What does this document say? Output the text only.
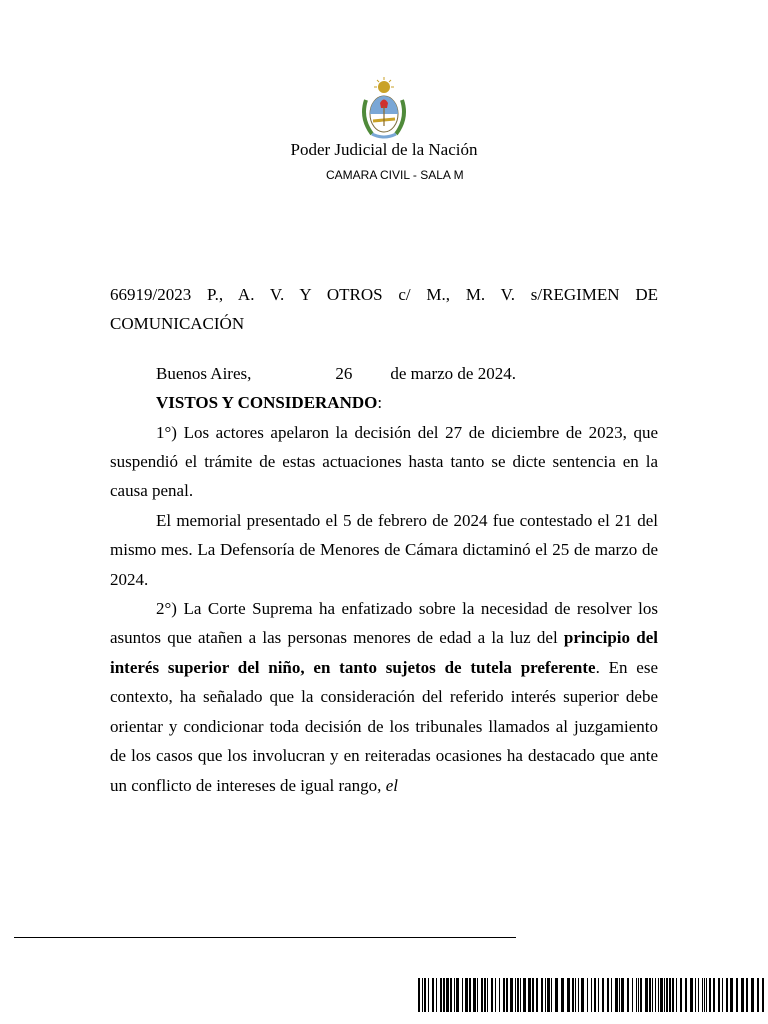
Poder Judicial de la Nación
CAMARA CIVIL - SALA M

66919/2023 P., A. V. Y OTROS c/ M., M. V. s/REGIMEN DE COMUNICACIÓN

Buenos Aires,	26 de marzo de 2024.

VISTOS Y CONSIDERANDO:

1°) Los actores apelaron la decisión del 27 de diciembre de 2023, que suspendió el trámite de estas actuaciones hasta tanto se dicte sentencia en la causa penal.

El memorial presentado el 5 de febrero de 2024 fue contestado el 21 del mismo mes. La Defensoría de Menores de Cámara dictaminó el 25 de marzo de 2024.

2°) La Corte Suprema ha enfatizado sobre la necesidad de resolver los asuntos que atañen a las personas menores de edad a la luz del principio del interés superior del niño, en tanto sujetos de tutela preferente. En ese contexto, ha señalado que la consideración del referido interés superior debe orientar y condicionar toda decisión de los tribunales llamados al juzgamiento de los casos que los involucran y en reiteradas ocasiones ha destacado que ante un conflicto de intereses de igual rango, el
